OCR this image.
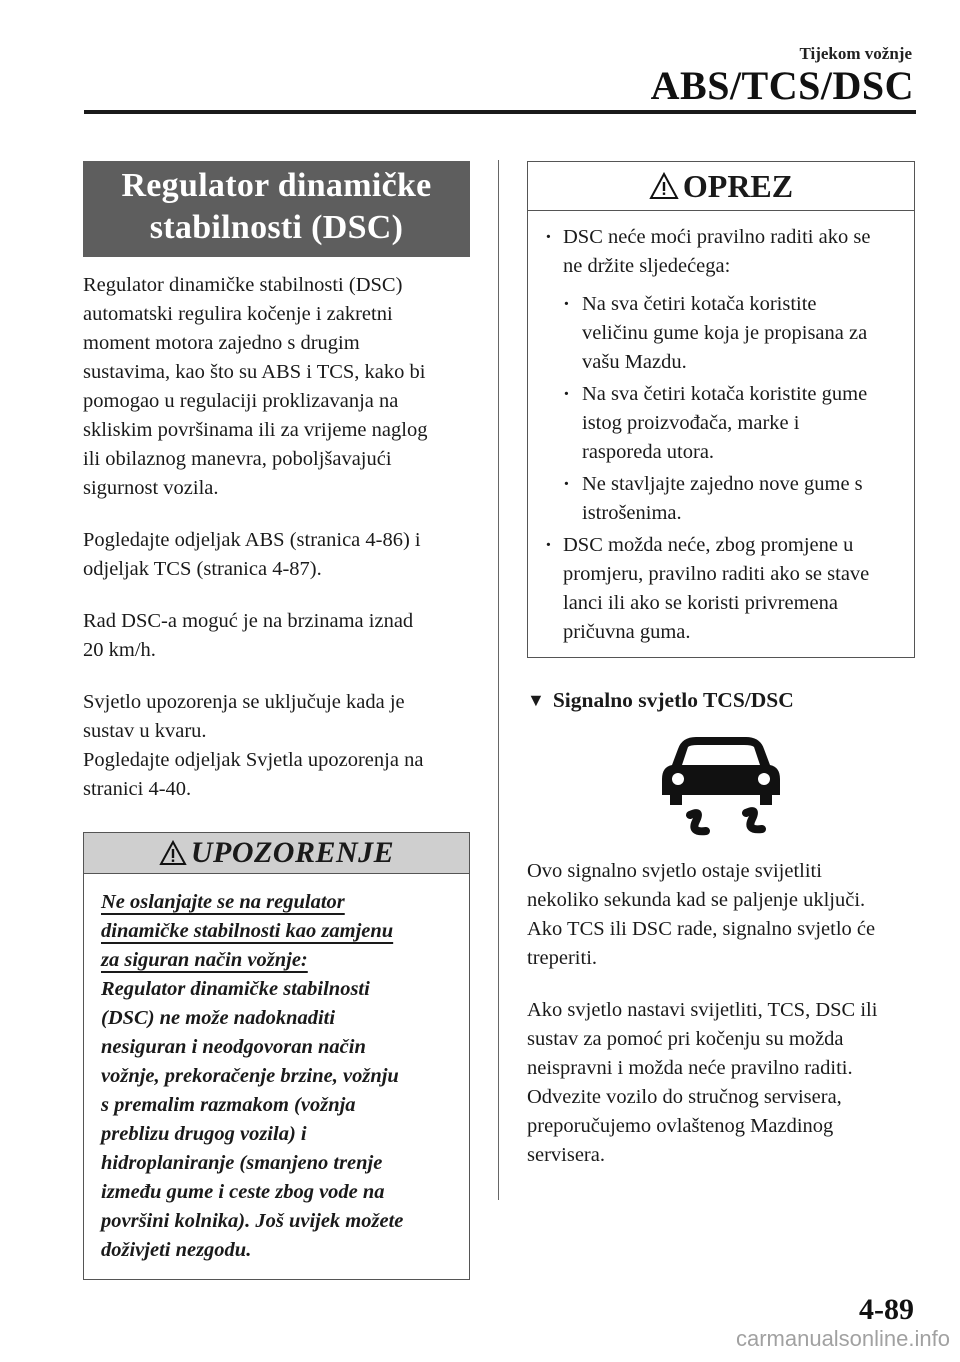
Tijekom vožnje
ABS/TCS/DSC
Regulator dinamičke
stabilnosti (DSC)

Regulator dinamičke stabilnosti (DSC)
automatski regulira kočenje i zakretni
moment motora zajedno s drugim
sustavima, kao što su ABS i TCS, kako bi
pomogao u regulaciji proklizavanja na
skliskim površinama ili za vrijeme naglog
ili obilaznog manevra, poboljšavajući
sigurnost vozila.

Pogledajte odjeljak ABS (stranica 4-86) i
odjeljak TCS (stranica 4-87).

Rad DSC-a moguć je na brzinama iznad
20 km/h.

Svjetlo upozorenja se uključuje kada je
sustav u kvaru.
Pogledajte odjeljak Svjetla upozorenja na
stranici 4-40.

UPOZORENJE
Ne oslanjajte se na regulator
dinamičke stabilnosti kao zamjenu
za siguran način vožnje:
Regulator dinamičke stabilnosti
(DSC) ne može nadoknaditi
nesiguran i neodgovoran način
vožnje, prekoračenje brzine, vožnju
s premalim razmakom (vožnja
preblizu drugog vozila) i
hidroplaniranje (smanjeno trenje
između gume i ceste zbog vode na
površini kolnika). Još uvijek možete
doživjeti nezgodu.
OPREZ
· DSC neće moći pravilno raditi ako se
ne držite sljedećega:
· Na sva četiri kotača koristite
veličinu gume koja je propisana za
vašu Mazdu.
· Na sva četiri kotača koristite gume
istog proizvođača, marke i
rasporeda utora.
· Ne stavljajte zajedno nove gume s
istrošenima.
· DSC možda neće, zbog promjene u
promjeru, pravilno raditi ako se stave
lanci ili ako se koristi privremena
pričuvna guma.
▼ Signalno svjetlo TCS/DSC

Ovo signalno svjetlo ostaje svijetliti
nekoliko sekunda kad se paljenje uključi.
Ako TCS ili DSC rade, signalno svjetlo će
treperiti.

Ako svjetlo nastavi svijetliti, TCS, DSC ili
sustav za pomoć pri kočenju su možda
neispravni i možda neće pravilno raditi.
Odvezite vozilo do stručnog servisera,
preporučujemo ovlaštenog Mazdinog
servisera.

4-89
carmanualsonline.info
